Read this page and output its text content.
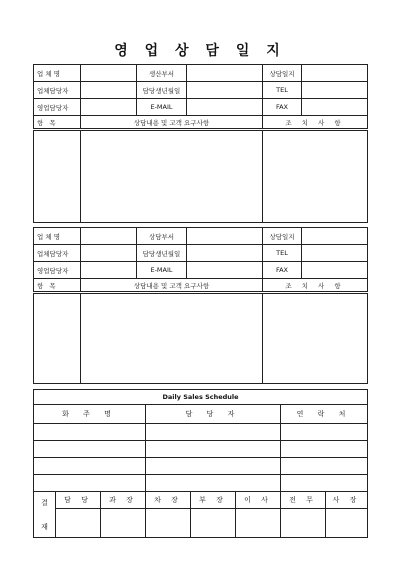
영 업 상 담 일 지
업 체 명		생산부서		상담일지	
업체담당자		담당생년월일		TEL	
영업담당자		E-MAIL		FAX	
항 목	상담내용 및 고객 요구사항			조 치 사 항	

업 체 명		상담부서		상담일지	
업체담당자		담당생년월일		TEL	
영업담당자		E-MAIL		FAX	
항 목	상담내용 및 고객 요구사항			조 치 사 항	

Daily Sales Schedule							
화 주 명			담 당 자			연 락 처	

결
재	담 당	과 장	차 장	부 장	이 사	전 무	사 장
